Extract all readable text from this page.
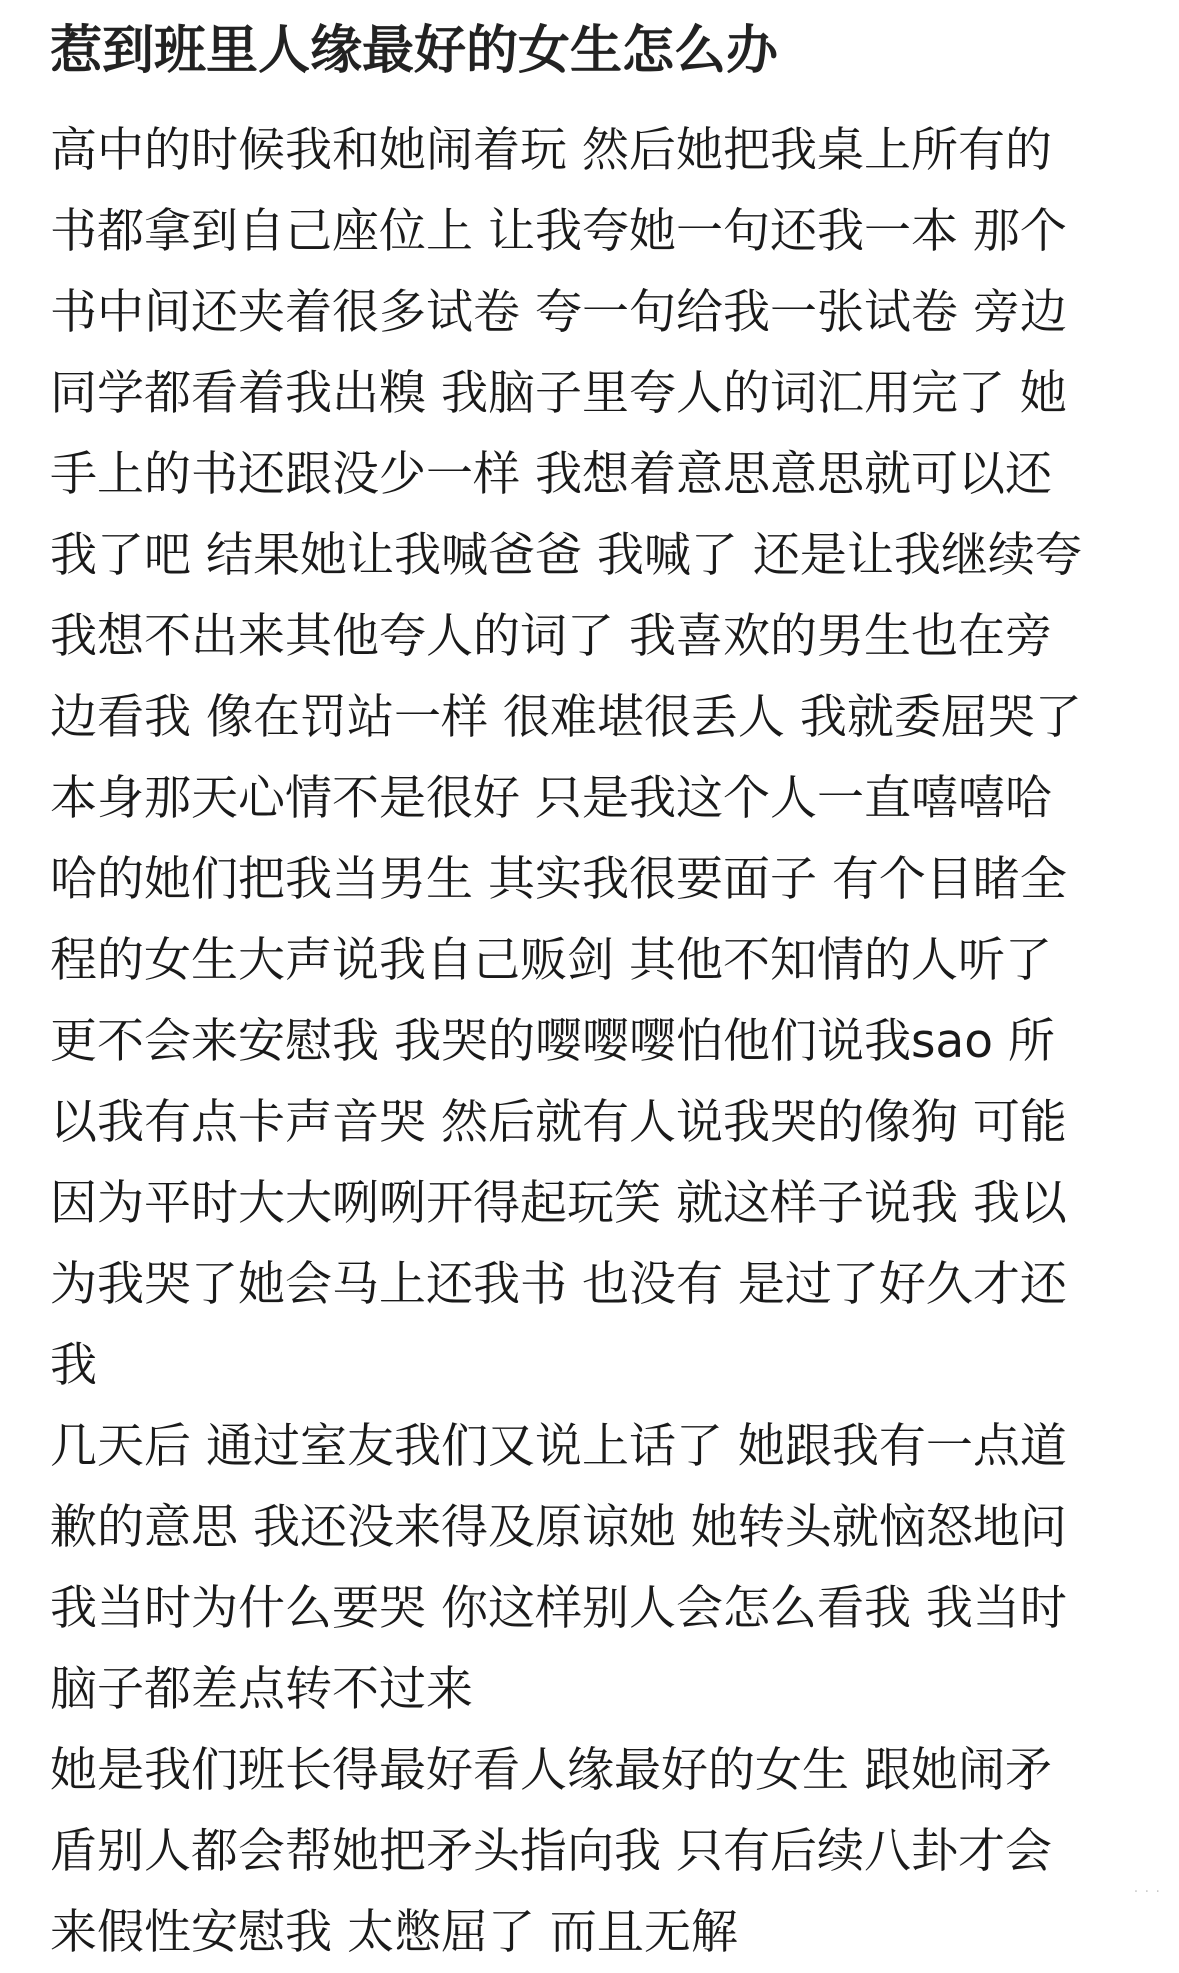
惹到班里人缘最好的女生怎么办
高中的时候我和她闹着玩 然后她把我桌上所有的
书都拿到自己座位上 让我夸她一句还我一本 那个
书中间还夹着很多试卷 夸一句给我一张试卷 旁边
同学都看着我出糗 我脑子里夸人的词汇用完了 她
手上的书还跟没少一样 我想着意思意思就可以还
我了吧 结果她让我喊爸爸 我喊了 还是让我继续夸
我想不出来其他夸人的词了 我喜欢的男生也在旁
边看我 像在罚站一样 很难堪很丢人 我就委屈哭了
本身那天心情不是很好 只是我这个人一直嘻嘻哈
哈的她们把我当男生 其实我很要面子 有个目睹全
程的女生大声说我自己贩剑 其他不知情的人听了
更不会来安慰我 我哭的嘤嘤嘤怕他们说我sao 所
以我有点卡声音哭 然后就有人说我哭的像狗 可能
因为平时大大咧咧开得起玩笑 就这样子说我 我以
为我哭了她会马上还我书 也没有 是过了好久才还
我
几天后 通过室友我们又说上话了 她跟我有一点道
歉的意思 我还没来得及原谅她 她转头就恼怒地问
我当时为什么要哭 你这样别人会怎么看我 我当时
脑子都差点转不过来
她是我们班长得最好看人缘最好的女生 跟她闹矛
盾别人都会帮她把矛头指向我 只有后续八卦才会
来假性安慰我 太憋屈了 而且无解
· · ·
